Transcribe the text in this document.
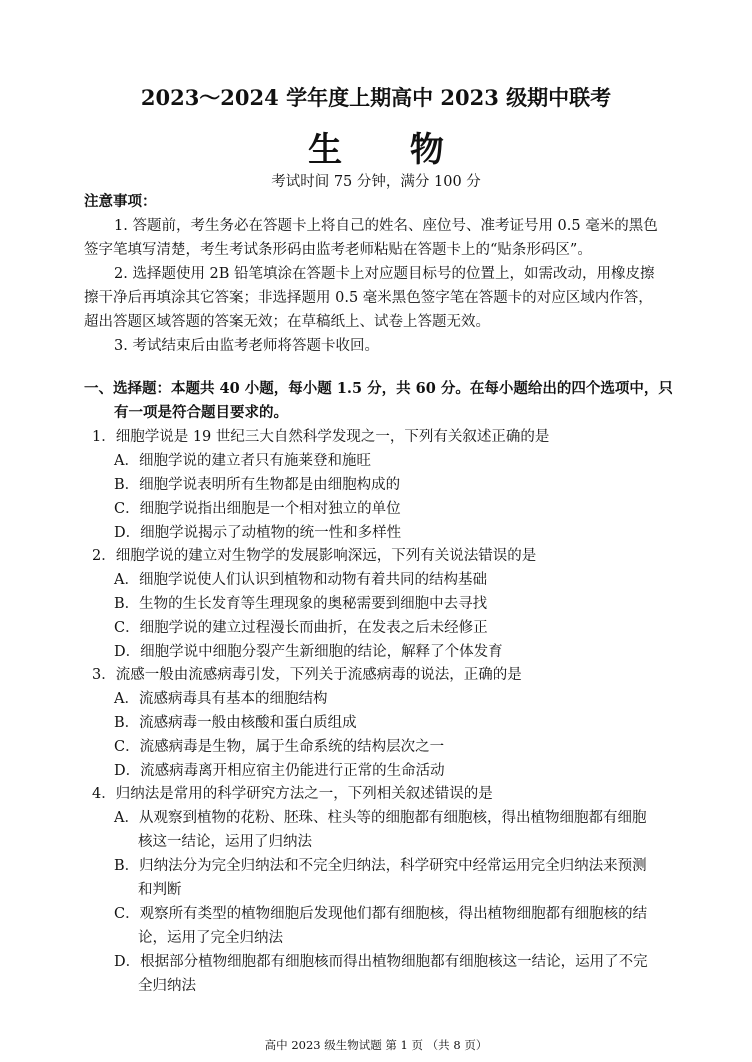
2023～2024 学年度上期高中 2023 级期中联考
生 物
考试时间 75 分钟，满分 100 分
注意事项：
1. 答题前，考生务必在答题卡上将自己的姓名、座位号、准考证号用 0.5 毫米的黑色
签字笔填写清楚，考生考试条形码由监考老师粘贴在答题卡上的“贴条形码区”。
2. 选择题使用 2B 铅笔填涂在答题卡上对应题目标号的位置上，如需改动，用橡皮擦
擦干净后再填涂其它答案；非选择题用 0.5 毫米黑色签字笔在答题卡的对应区域内作答，
超出答题区域答题的答案无效；在草稿纸上、试卷上答题无效。
3. 考试结束后由监考老师将答题卡收回。
一、选择题：本题共 40 小题，每小题 1.5 分，共 60 分。在每小题给出的四个选项中，只
有一项是符合题目要求的。
1．细胞学说是 19 世纪三大自然科学发现之一，下列有关叙述正确的是
A．细胞学说的建立者只有施莱登和施旺
B．细胞学说表明所有生物都是由细胞构成的
C．细胞学说指出细胞是一个相对独立的单位
D．细胞学说揭示了动植物的统一性和多样性
2．细胞学说的建立对生物学的发展影响深远，下列有关说法错误的是
A．细胞学说使人们认识到植物和动物有着共同的结构基础
B．生物的生长发育等生理现象的奥秘需要到细胞中去寻找
C．细胞学说的建立过程漫长而曲折，在发表之后未经修正
D．细胞学说中细胞分裂产生新细胞的结论，解释了个体发育
3．流感一般由流感病毒引发，下列关于流感病毒的说法，正确的是
A．流感病毒具有基本的细胞结构
B．流感病毒一般由核酸和蛋白质组成
C．流感病毒是生物，属于生命系统的结构层次之一
D．流感病毒离开相应宿主仍能进行正常的生命活动
4．归纳法是常用的科学研究方法之一，下列相关叙述错误的是
A．从观察到植物的花粉、胚珠、柱头等的细胞都有细胞核，得出植物细胞都有细胞
核这一结论，运用了归纳法
B．归纳法分为完全归纳法和不完全归纳法，科学研究中经常运用完全归纳法来预测
和判断
C．观察所有类型的植物细胞后发现他们都有细胞核，得出植物细胞都有细胞核的结
论，运用了完全归纳法
D．根据部分植物细胞都有细胞核而得出植物细胞都有细胞核这一结论，运用了不完
全归纳法
高中 2023 级生物试题 第 1 页 （共 8 页）
